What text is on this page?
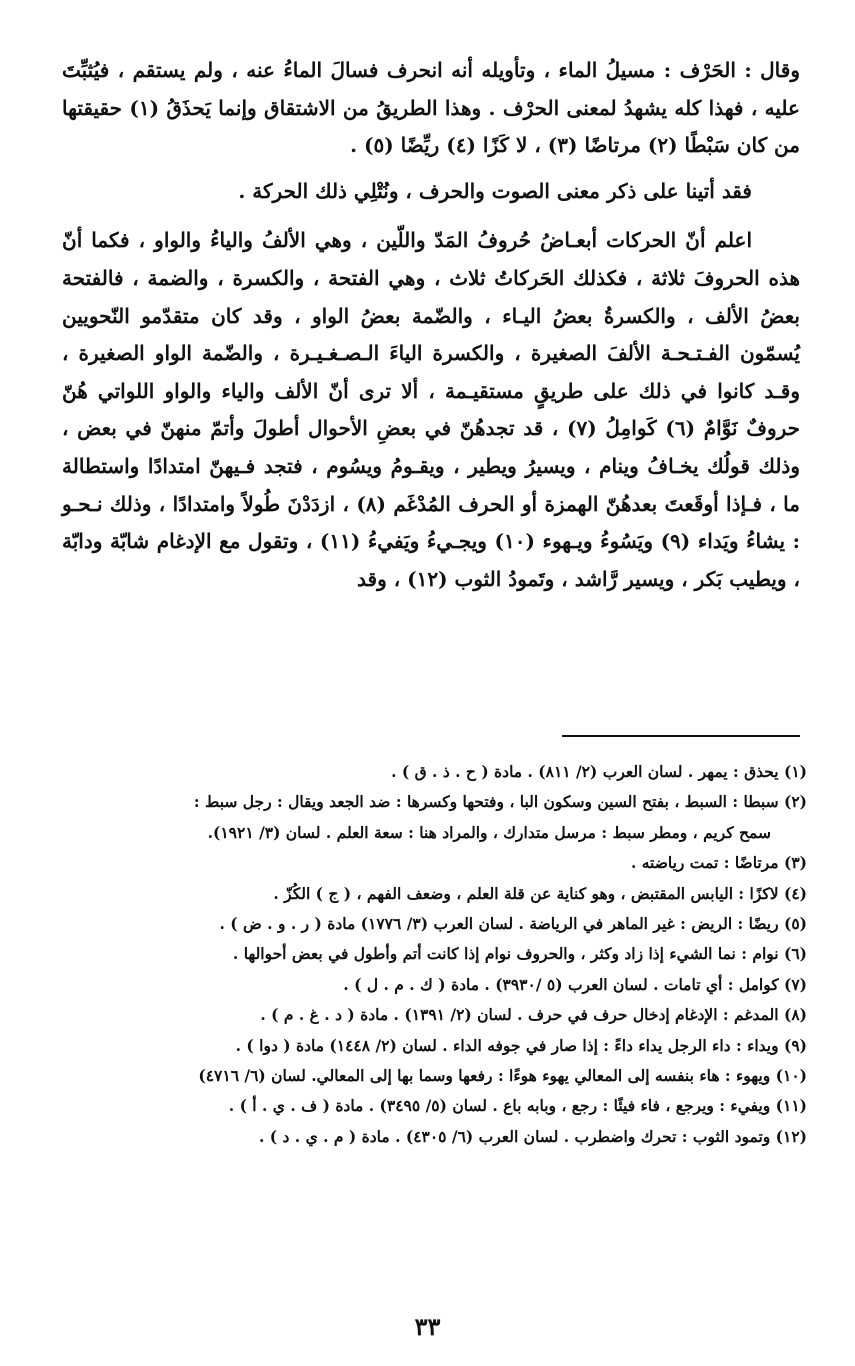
وقال : الحَرْف : مسيلُ الماء ، وتأويله أنه انحرف فسالَ الماءُ عنه ، ولم يستقم ، فيُثبِّتَ عليه ، فهذا كله يشهدُ لمعنى الحرْف . وهذا الطريقُ من الاشتقاق وإنما يَحذَقُ (١) حقيقتها من كان سَبْطًا (٢) مرتاضًا (٣) ، لا كَزًا (٤) ريِّضًا (٥) .

فقد أتينا على ذكر معنى الصوت والحرف ، ونُتْلِي ذلك الحركة .

اعلم أنّ الحركات أبعـاضُ حُروفُ المَدّ واللّين ، وهي الألفُ والياءُ والواو ، فكما أنّ هذه الحروفَ ثلاثة ، فكذلك الحَركاتُ ثلاث ، وهي الفتحة ، والكسرة ، والضمة ، فالفتحة بعضُ الألف ، والكسرةُ بعضُ اليـاء ، والضّمة بعضُ الواو ، وقد كان متقدّمو النّحويين يُسمّون الفـتـحـة الألفَ الصغيرة ، والكسرة الياءَ الـصـغـيـرة ، والضّمة الواو الصغيرة ، وقـد كانوا في ذلك على طريقٍ مستقيـمة ، ألا ترى أنّ الألف والياء والواو اللواتي هُنّ حروفٌ نَوَّامٌ (٦) كَوامِلُ (٧) ، قد تجدهُنّ في بعضِ الأحوال أطولَ وأتمّ منهنّ في بعض ، وذلك قولُك يخـافُ وينام ، ويسيرُ ويطير ، ويقـومُ ويسُوم ، فتجد فـيهنّ امتدادًا واستطالة ما ، فـإذا أوقَعتَ بعدهُنّ الهمزة أو الحرف المُدْغَم (٨) ، ازدَدْنَ طُولاً وامتدادًا ، وذلك نـحـو : يشاءُ ويَداء (٩) ويَسُوءُ ويـهوء (١٠) ويجـيءُ ويَفيءُ (١١) ، وتقول مع الإدغام شابّة ودابّة ، ويطيب بَكر ، ويسير رَّاشد ، وتَمودُ الثوب (١٢) ، وقد

(١) يحذق : يمهر . لسان العرب (٢/ ٨١١) . مادة ( ح . ذ . ق ) .

(٢) سبطا : السبط ، بفتح السين وسكون البا ، وفتحها وكسرها : ضد الجعد ويقال : رجل سبط :

سمح كريم ، ومطر سبط : مرسل متدارك ، والمراد هنا : سعة العلم . لسان (٣/ ١٩٢١).

(٣) مرتاضًا : تمت رياضته .

(٤) لاكزًا : اليابس المقتبض ، وهو كناية عن قلة العلم ، وضعف الفهم ، ( ج ) الكُزّ .

(٥) ريضًا : الريض : غير الماهر في الرياضة . لسان العرب (٣/ ١٧٧٦) مادة ( ر . و . ض ) .

(٦) نوام : نما الشيء إذا زاد وكثر ، والحروف نوام إذا كانت أتم وأطول في بعض أحوالها .

(٧) كوامل : أي تامات . لسان العرب (٥ /٣٩٣٠) . مادة ( ك . م . ل ) .

(٨) المدغم : الإدغام إدخال حرف في حرف . لسان (٢/ ١٣٩١) . مادة ( د . غ . م ) .

(٩) ويداء : داء الرجل يداء داءً : إذا صار في جوفه الداء . لسان (٢/ ١٤٤٨) مادة ( دوا ) .

(١٠) ويهوء : هاء بنفسه إلى المعالي يهوء هوءًا : رفعها وسما بها إلى المعالي. لسان (٦/ ٤٧١٦)

(١١) ويفيء : ويرجع ، فاء فيئًا : رجع ، وبابه باع . لسان (٥/ ٣٤٩٥) . مادة ( ف . ي . أ ) .

(١٢) وتمود الثوب : تحرك واضطرب . لسان العرب (٦/ ٤٣٠٥) . مادة ( م . ي . د ) .

٣٣
